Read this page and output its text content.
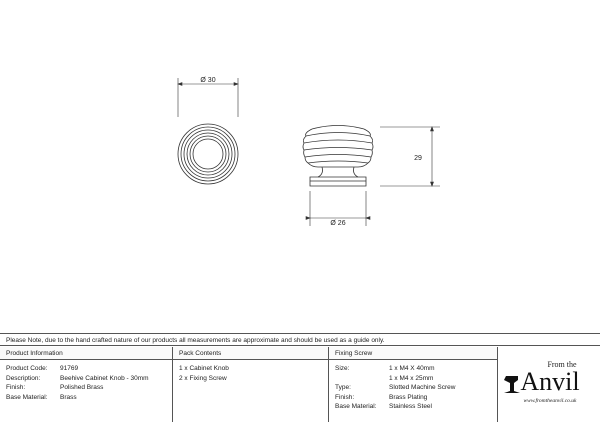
Ø 30
Ø 26
29
Please Note, due to the hand crafted nature of our products all measurements are approximate and should be used as a guide only.
Product Information
Product Code:	91769
Description:	Beehive Cabinet Knob - 30mm
Finish:	Polished Brass
Base Material:	Brass
Pack Contents
1 x Cabinet Knob
2 x Fixing Screw
Fixing Screw
Size:	1 x M4 X 40mm
1 x M4 x 25mm
Type:	Slotted Machine Screw
Finish:	Brass Plating
Base Material:	Stainless Steel
From the
Anvil
www.fromtheanvil.co.uk
